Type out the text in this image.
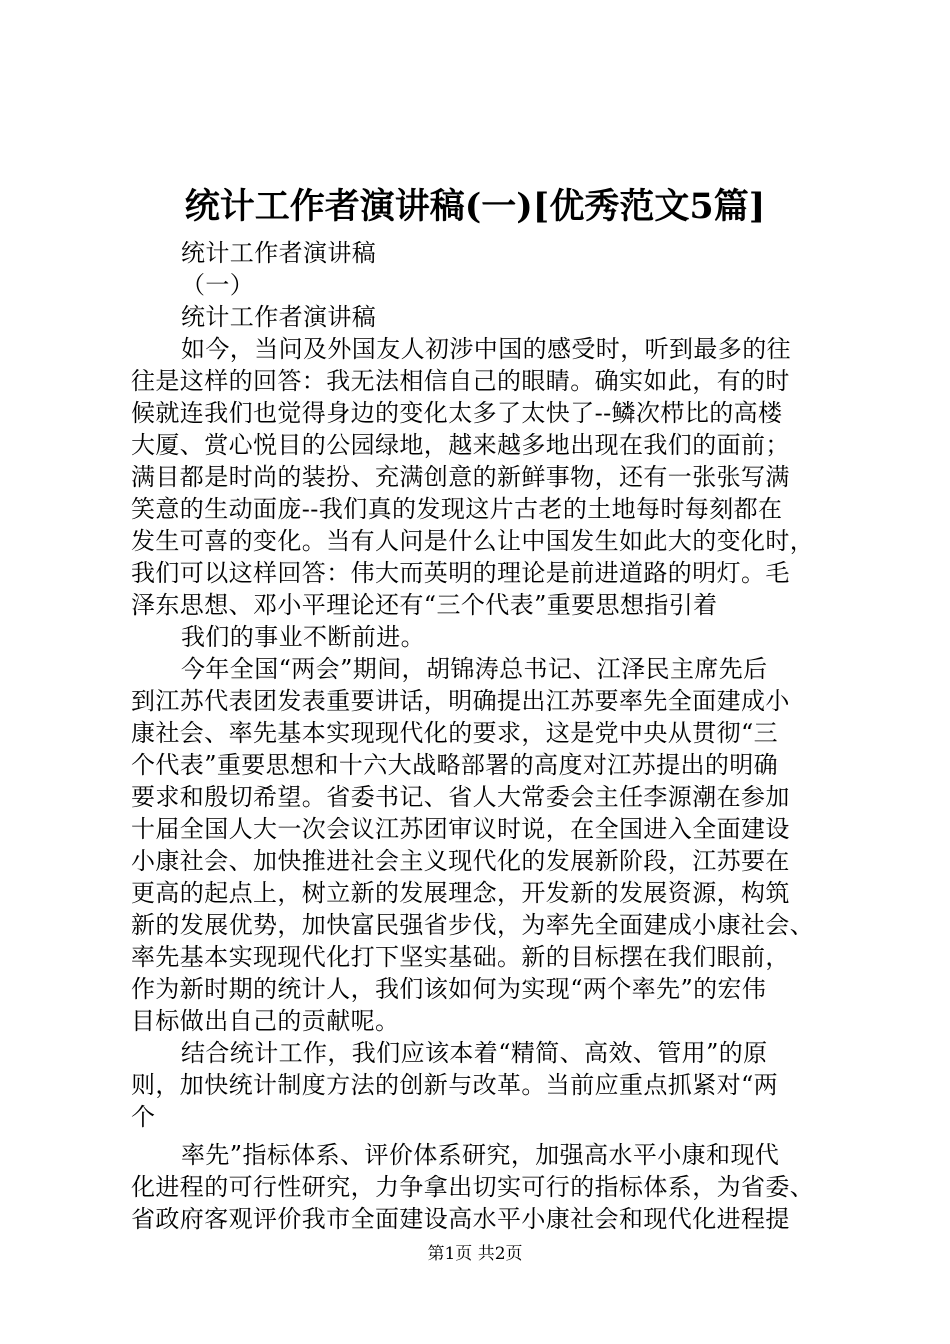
统计工作者演讲稿(一)[优秀范文5篇]
统计工作者演讲稿
（一）
统计工作者演讲稿
如今，当问及外国友人初涉中国的感受时，听到最多的往
往是这样的回答：我无法相信自己的眼睛。确实如此，有的时
候就连我们也觉得身边的变化太多了太快了--鳞次栉比的高楼
大厦、赏心悦目的公园绿地，越来越多地出现在我们的面前；
满目都是时尚的装扮、充满创意的新鲜事物，还有一张张写满
笑意的生动面庞--我们真的发现这片古老的土地每时每刻都在
发生可喜的变化。当有人问是什么让中国发生如此大的变化时，
我们可以这样回答：伟大而英明的理论是前进道路的明灯。毛
泽东思想、邓小平理论还有“三个代表”重要思想指引着
我们的事业不断前进。
今年全国“两会”期间，胡锦涛总书记、江泽民主席先后
到江苏代表团发表重要讲话，明确提出江苏要率先全面建成小
康社会、率先基本实现现代化的要求，这是党中央从贯彻“三
个代表”重要思想和十六大战略部署的高度对江苏提出的明确
要求和殷切希望。省委书记、省人大常委会主任李源潮在参加
十届全国人大一次会议江苏团审议时说，在全国进入全面建设
小康社会、加快推进社会主义现代化的发展新阶段，江苏要在
更高的起点上，树立新的发展理念，开发新的发展资源，构筑
新的发展优势，加快富民强省步伐，为率先全面建成小康社会、
率先基本实现现代化打下坚实基础。新的目标摆在我们眼前，
作为新时期的统计人，我们该如何为实现“两个率先”的宏伟
目标做出自己的贡献呢。
结合统计工作，我们应该本着“精简、高效、管用”的原
则，加快统计制度方法的创新与改革。当前应重点抓紧对“两
个
率先”指标体系、评价体系研究，加强高水平小康和现代
化进程的可行性研究，力争拿出切实可行的指标体系，为省委、
省政府客观评价我市全面建设高水平小康社会和现代化进程提
第1页 共2页
